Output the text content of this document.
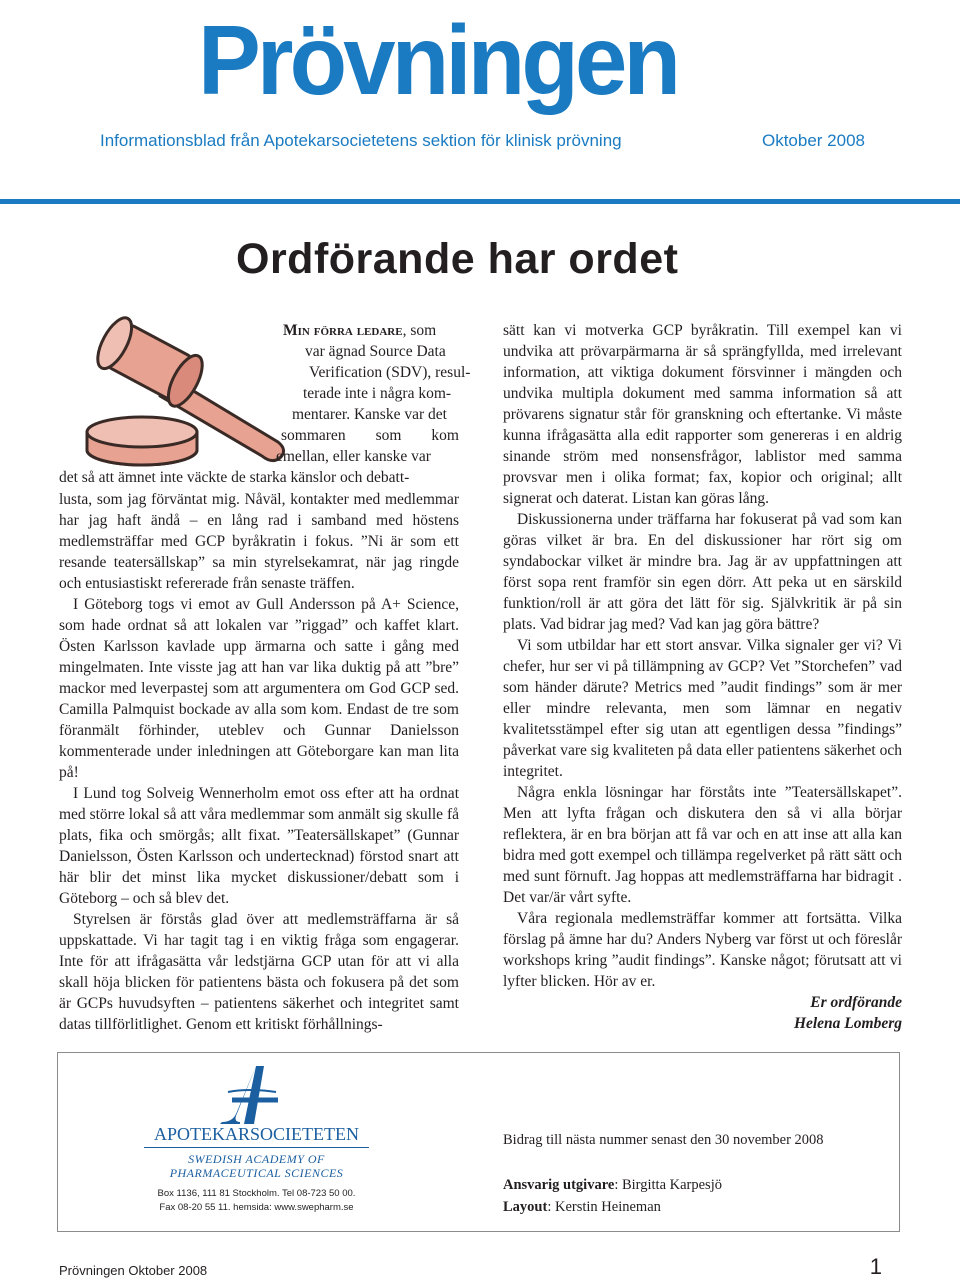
Prövningen
Informationsblad från Apotekarsocietetens sektion för klinisk prövning	Oktober 2008
Ordförande har ordet
Min förra ledare, som
var ägnad Source Data
Verification (SDV), resul-
terade inte i några kom-
mentarer. Kanske var det
sommaren som kom
emellan, eller kanske var
det så att ämnet inte väckte de starka känslor och debatt-

lusta, som jag förväntat mig. Nåväl, kontakter med medlemmar har jag haft ändå – en lång rad i samband med höstens medlemsträffar med GCP byråkratin i fokus. ”Ni är som ett resande teatersällskap” sa min styrelsekamrat, när jag ringde och entusiastiskt refererade från senaste träffen.

I Göteborg togs vi emot av Gull Andersson på A+ Science, som hade ordnat så att lokalen var ”riggad” och kaffet klart. Östen Karlsson kavlade upp ärmarna och satte i gång med mingelmaten. Inte visste jag att han var lika duktig på att ”bre” mackor med leverpastej som att argumentera om God GCP sed. Camilla Palmquist bockade av alla som kom. Endast de tre som föranmält förhinder, uteblev och Gunnar Danielsson kommenterade under inledningen att Göteborgare kan man lita på!

I Lund tog Solveig Wennerholm emot oss efter att ha ordnat med större lokal så att våra medlemmar som anmält sig skulle få plats, fika och smörgås; allt fixat. ”Teatersällskapet” (Gunnar Danielsson, Östen Karlsson och undertecknad) förstod snart att här blir det minst lika mycket diskussioner/debatt som i Göteborg – och så blev det.

Styrelsen är förstås glad över att medlemsträffarna är så uppskattade. Vi har tagit tag i en viktig fråga som engagerar. Inte för att ifrågasätta vår ledstjärna GCP utan för att vi alla skall höja blicken för patientens bästa och fokusera på det som är GCPs huvudsyften – patientens säkerhet och integritet samt datas tillförlitlighet. Genom ett kritiskt förhållnings-

sätt kan vi motverka GCP byråkratin. Till exempel kan vi undvika att prövarpärmarna är så sprängfyllda, med irrelevant information, att viktiga dokument försvinner i mängden och undvika multipla dokument med samma information så att prövarens signatur står för granskning och eftertanke. Vi måste kunna ifrågasätta alla edit rapporter som genereras i en aldrig sinande ström med nonsensfrågor, lablistor med samma provsvar men i olika format; fax, kopior och original; allt signerat och daterat. Listan kan göras lång.

Diskussionerna under träffarna har fokuserat på vad som kan göras vilket är bra. En del diskussioner har rört sig om syndabockar vilket är mindre bra. Jag är av uppfattningen att först sopa rent framför sin egen dörr. Att peka ut en särskild funktion/roll är att göra det lätt för sig. Självkritik är på sin plats. Vad bidrar jag med? Vad kan jag göra bättre?

Vi som utbildar har ett stort ansvar. Vilka signaler ger vi? Vi chefer, hur ser vi på tillämpning av GCP? Vet ”Storchefen” vad som händer därute? Metrics med ”audit findings” som är mer eller mindre relevanta, men som lämnar en negativ kvalitetsstämpel efter sig utan att egentligen dessa ”findings” påverkat vare sig kvaliteten på data eller patientens säkerhet och integritet.

Några enkla lösningar har förståts inte ”Teatersällskapet”. Men att lyfta frågan och diskutera den så vi alla börjar reflektera, är en bra början att få var och en att inse att alla kan bidra med gott exempel och tillämpa regelverket på rätt sätt och med sunt förnuft. Jag hoppas att medlemsträffarna har bidragit . Det var/är vårt syfte.

Våra regionala medlemsträffar kommer att fortsätta. Vilka förslag på ämne har du? Anders Nyberg var först ut och föreslår workshops kring ”audit findings”. Kanske något; förutsatt att vi lyfter blicken. Hör av er.

Er ordförande

Helena Lomberg

APOTEKARSOCIETETEN
SWEDISH ACADEMY OF
PHARMACEUTICAL SCIENCES
Box 1136, 111 81 Stockholm. Tel 08-723 50 00.
Fax 08-20 55 11. hemsida: www.swepharm.se
Bidrag till nästa nummer senast den 30 november 2008
Ansvarig utgivare: Birgitta Karpesjö
Layout: Kerstin Heineman
Prövningen Oktober 2008	1
